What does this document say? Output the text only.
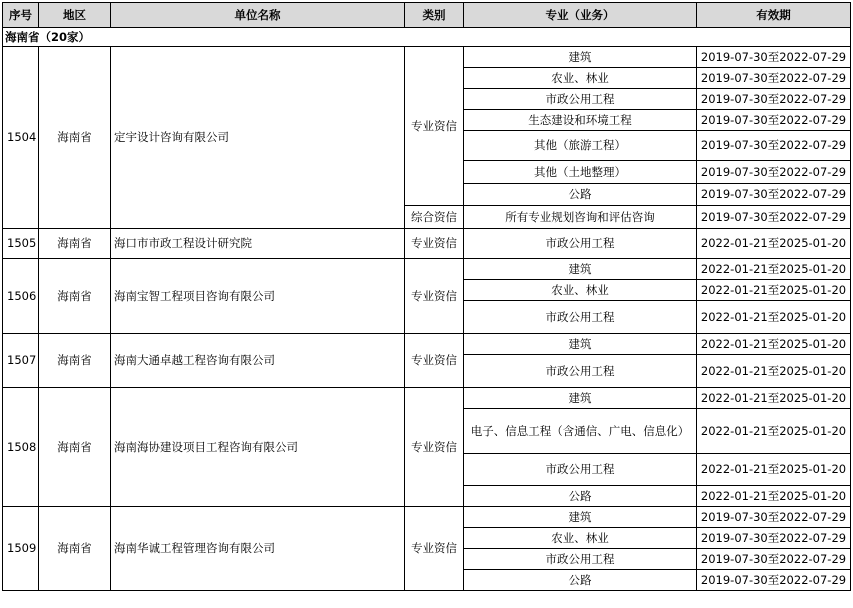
序号	地区	单位名称	类别	专业（业务）	有效期
海南省（20家）					
1504	海南省	定宇设计咨询有限公司	专业资信	建筑	2019-07-30至2022-07-29
				农业、林业	2019-07-30至2022-07-29
				市政公用工程	2019-07-30至2022-07-29
				生态建设和环境工程	2019-07-30至2022-07-29
				其他（旅游工程）	2019-07-30至2022-07-29
				其他（土地整理）	2019-07-30至2022-07-29
				公路	2019-07-30至2022-07-29
			综合资信	所有专业规划咨询和评估咨询	2019-07-30至2022-07-29
1505	海南省	海口市市政工程设计研究院	专业资信	市政公用工程	2022-01-21至2025-01-20
1506	海南省	海南宝智工程项目咨询有限公司	专业资信	建筑	2022-01-21至2025-01-20
				农业、林业	2022-01-21至2025-01-20
				市政公用工程	2022-01-21至2025-01-20
1507	海南省	海南大通卓越工程咨询有限公司	专业资信	建筑	2022-01-21至2025-01-20
				市政公用工程	2022-01-21至2025-01-20
1508	海南省	海南海协建设项目工程咨询有限公司	专业资信	建筑	2022-01-21至2025-01-20
				电子、信息工程（含通信、广电、信息化）	2022-01-21至2025-01-20
				市政公用工程	2022-01-21至2025-01-20
				公路	2022-01-21至2025-01-20
1509	海南省	海南华诚工程管理咨询有限公司	专业资信	建筑	2019-07-30至2022-07-29
				农业、林业	2019-07-30至2022-07-29
				市政公用工程	2019-07-30至2022-07-29
				公路	2019-07-30至2022-07-29
